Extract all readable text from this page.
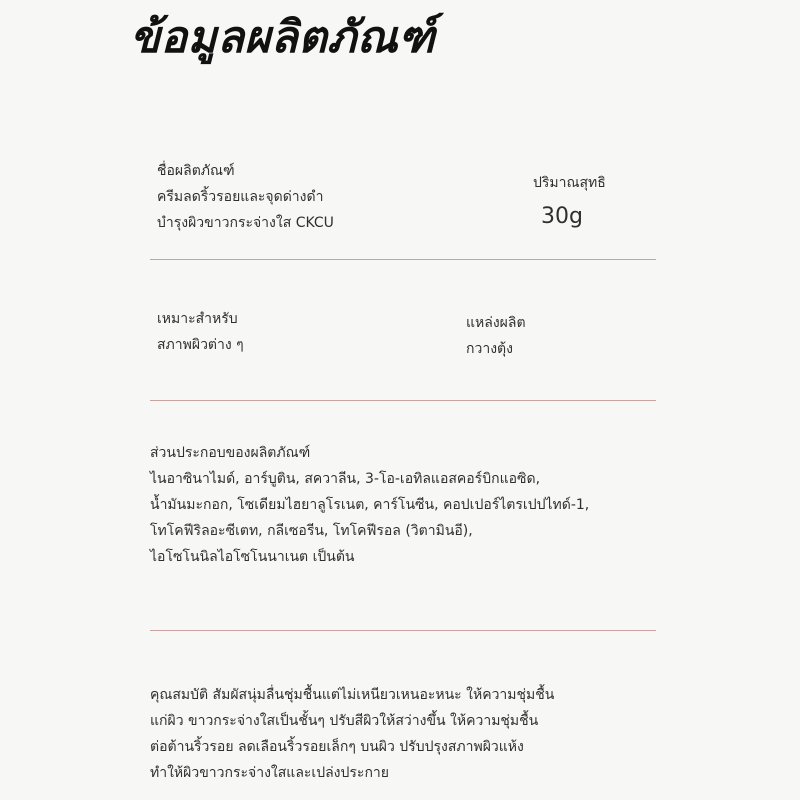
ข้อมูลผลิตภัณฑ์
ชื่อผลิตภัณฑ์
ครีมลดริ้วรอยและจุดด่างดำ
บำรุงผิวขาวกระจ่างใส CKCU
ปริมาณสุทธิ
30g
เหมาะสำหรับ
สภาพผิวต่าง ๆ
แหล่งผลิต
กวางตุ้ง
ส่วนประกอบของผลิตภัณฑ์
ไนอาซินาไมด์, อาร์บูติน, สควาลีน, 3-โอ-เอทิลแอสคอร์บิกแอซิด,
น้ำมันมะกอก, โซเดียมไฮยาลูโรเนต, คาร์โนซีน, คอปเปอร์ไตรเปปไทด์-1,
โทโคฟีริลอะซีเตท, กลีเซอรีน, โทโคฟีรอล (วิตามินอี),
ไอโซโนนิลไอโซโนนาเนต เป็นต้น
คุณสมบัติ สัมผัสนุ่มลื่นชุ่มชื้นแต่ไม่เหนียวเหนอะหนะ ให้ความชุ่มชื้น
แก่ผิว ขาวกระจ่างใสเป็นชั้นๆ ปรับสีผิวให้สว่างขึ้น ให้ความชุ่มชื้น
ต่อต้านริ้วรอย ลดเลือนริ้วรอยเล็กๆ บนผิว ปรับปรุงสภาพผิวแห้ง
ทำให้ผิวขาวกระจ่างใสและเปล่งประกาย
